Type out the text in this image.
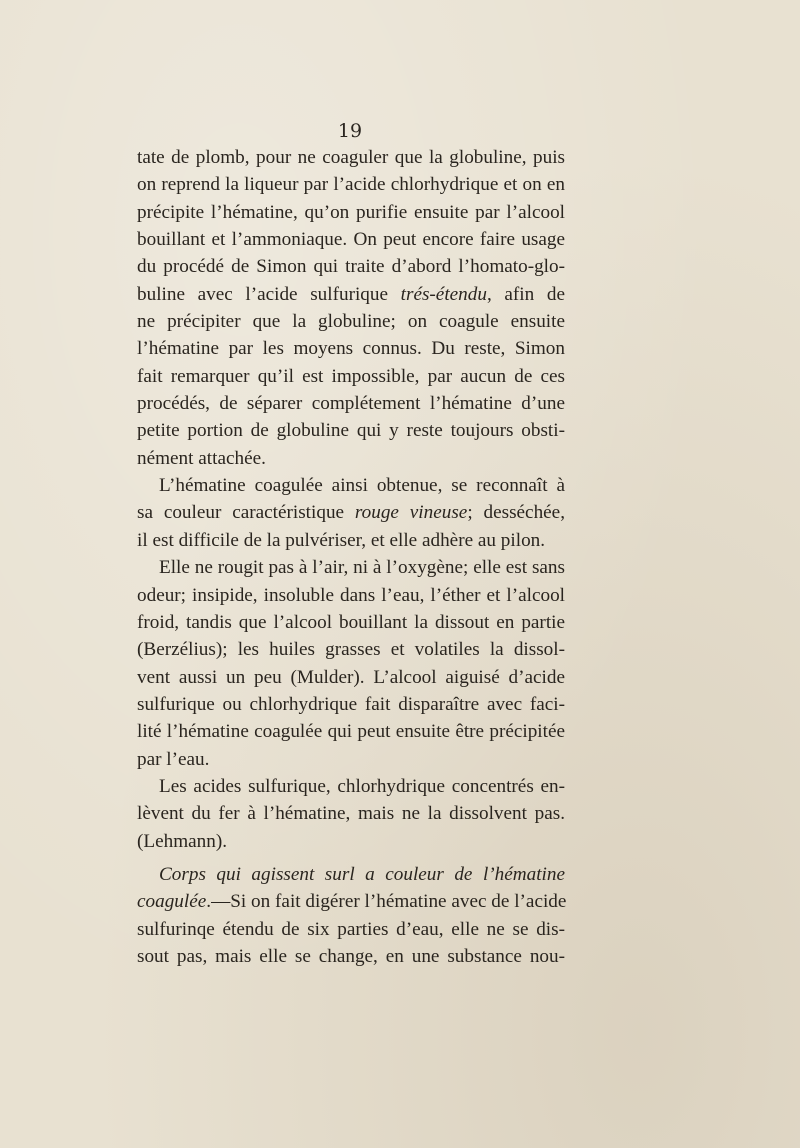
19
tate de plomb, pour ne coaguler que la globuline, puis
on reprend la liqueur par l’acide chlorhydrique et on en
précipite l’hématine, qu’on purifie ensuite par l’alcool
bouillant et l’ammoniaque. On peut encore faire usage
du procédé de Simon qui traite d’abord l’homato-glo-
buline avec l’acide sulfurique trés-étendu, afin de
ne précipiter que la globuline; on coagule ensuite
l’hématine par les moyens connus. Du reste, Simon
fait remarquer qu’il est impossible, par aucun de ces
procédés, de séparer complétement l’hématine d’une
petite portion de globuline qui y reste toujours obsti-
nément attachée.
L’hématine coagulée ainsi obtenue, se reconnaît à
sa couleur caractéristique rouge vineuse; desséchée,
il est difficile de la pulvériser, et elle adhère au pilon.
Elle ne rougit pas à l’air, ni à l’oxygène; elle est sans
odeur; insipide, insoluble dans l’eau, l’éther et l’alcool
froid, tandis que l’alcool bouillant la dissout en partie
(Berzélius); les huiles grasses et volatiles la dissol-
vent aussi un peu (Mulder). L’alcool aiguisé d’acide
sulfurique ou chlorhydrique fait disparaître avec faci-
lité l’hématine coagulée qui peut ensuite être précipitée
par l’eau.
Les acides sulfurique, chlorhydrique concentrés en-
lèvent du fer à l’hématine, mais ne la dissolvent pas.
(Lehmann).
Corps qui agissent surl a couleur de l’hématine
coagulée.—Si on fait digérer l’hématine avec de l’acide
sulfurinqe étendu de six parties d’eau, elle ne se dis-
sout pas, mais elle se change, en une substance nou-
